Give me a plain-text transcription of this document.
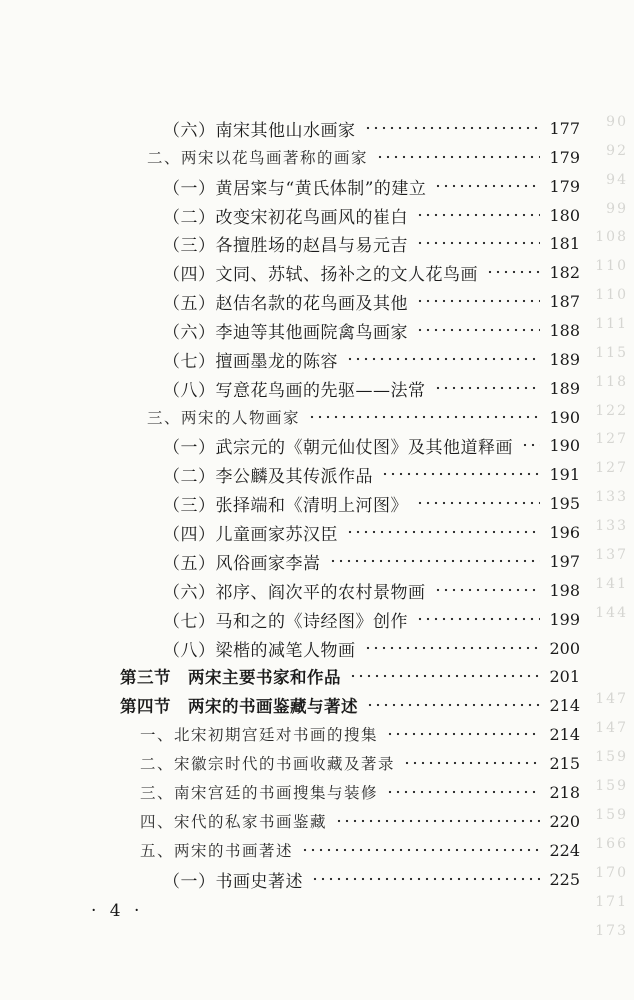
（六）南宋其他山水画家	177
二、两宋以花鸟画著称的画家	179
（一）黄居寀与“黄氏体制”的建立	179
（二）改变宋初花鸟画风的崔白	180
（三）各擅胜场的赵昌与易元吉	181
（四）文同、苏轼、扬补之的文人花鸟画	182
（五）赵佶名款的花鸟画及其他	187
（六）李迪等其他画院禽鸟画家	188
（七）擅画墨龙的陈容	189
（八）写意花鸟画的先驱——法常	189
三、两宋的人物画家	190
（一）武宗元的《朝元仙仗图》及其他道释画 190
（二）李公麟及其传派作品	191
（三）张择端和《清明上河图》	195
（四）儿童画家苏汉臣	196
（五）风俗画家李嵩	197
（六）祁序、阎次平的农村景物画	198
（七）马和之的《诗经图》创作	199
（八）梁楷的减笔人物画	200
第三节　两宋主要书家和作品	201
第四节　两宋的书画鉴藏与著述	214
一、北宋初期宫廷对书画的搜集	214
二、宋徽宗时代的书画收藏及著录	215
三、南宋宫廷的书画搜集与装修	218
四、宋代的私家书画鉴藏	220
五、两宋的书画著述	224
（一）书画史著述	225
90
92
94
99
108
110
110
111
115
118
122
127
127
133
133
137
141
144
147
147
159
159
159
166
170
171
173
· 4 ·
